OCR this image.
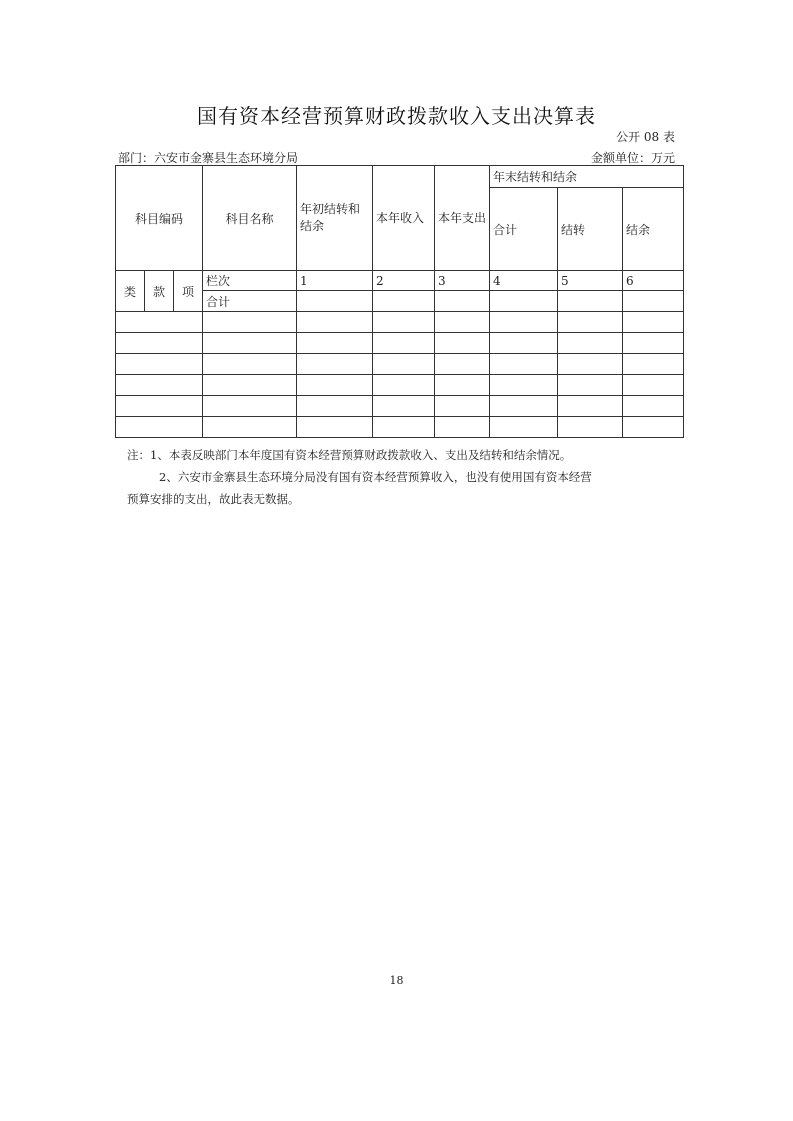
国有资本经营预算财政拨款收入支出决算表
公开 08 表
部门：六安市金寨县生态环境分局	金额单位：万元
科目编码			科目名称	年初结转和结余	本年收入	本年支出	年末结转和结余		
							合计	结转	结余
类	款	项	栏次	1	2	3	4	5	6
			合计						

注：1、本表反映部门本年度国有资本经营预算财政拨款收入、支出及结转和结余情况。

2、六安市金寨县生态环境分局没有国有资本经营预算收入，也没有使用国有资本经营

预算安排的支出，故此表无数据。

18
